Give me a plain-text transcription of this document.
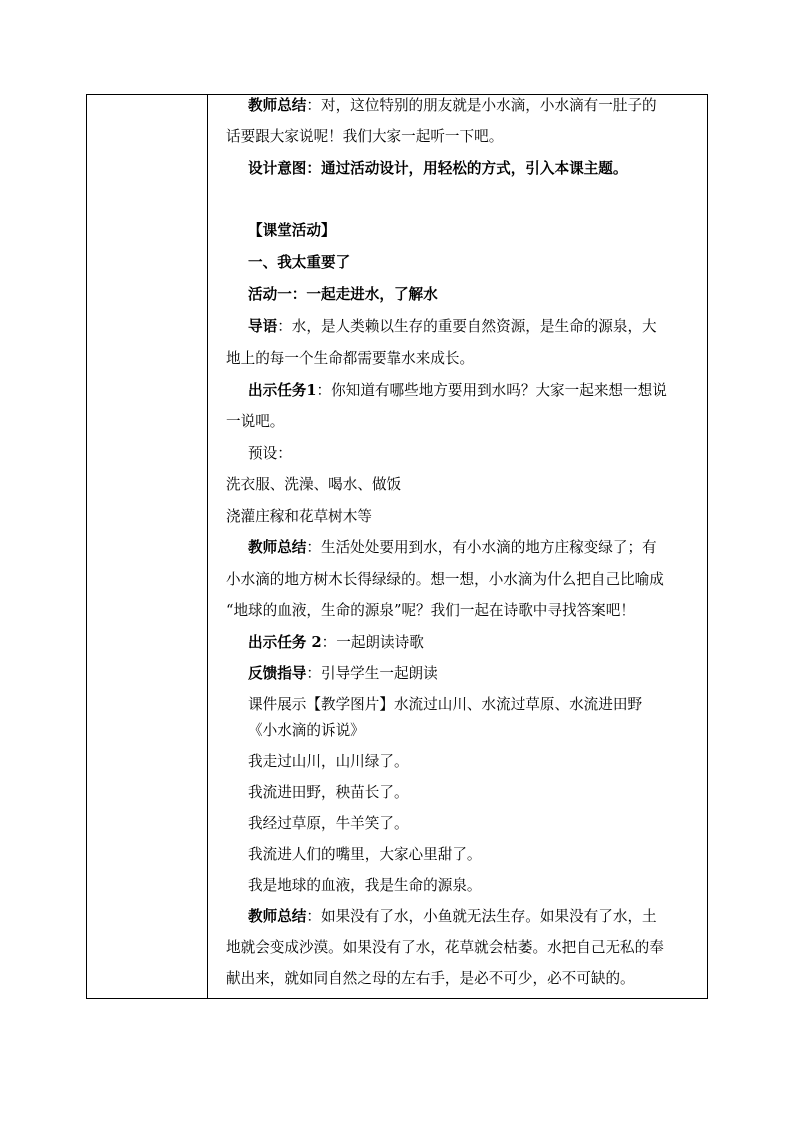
教师总结：对，这位特别的朋友就是小水滴，小水滴有一肚子的
话要跟大家说呢！我们大家一起听一下吧。
设计意图：通过活动设计，用轻松的方式，引入本课主题。
【课堂活动】
一、我太重要了
活动一：一起走进水，了解水
导语：水，是人类赖以生存的重要自然资源，是生命的源泉，大
地上的每一个生命都需要靠水来成长。
出示任务1：你知道有哪些地方要用到水吗？大家一起来想一想说
一说吧。
预设：
洗衣服、洗澡、喝水、做饭
浇灌庄稼和花草树木等
教师总结：生活处处要用到水，有小水滴的地方庄稼变绿了；有
小水滴的地方树木长得绿绿的。想一想，小水滴为什么把自己比喻成
“地球的血液，生命的源泉”呢？我们一起在诗歌中寻找答案吧！
出示任务 2：一起朗读诗歌
反馈指导：引导学生一起朗读
课件展示【教学图片】水流过山川、水流过草原、水流进田野
《小水滴的诉说》
我走过山川，山川绿了。
我流进田野，秧苗长了。
我经过草原，牛羊笑了。
我流进人们的嘴里，大家心里甜了。
我是地球的血液，我是生命的源泉。
教师总结：如果没有了水，小鱼就无法生存。如果没有了水，土
地就会变成沙漠。如果没有了水，花草就会枯萎。水把自己无私的奉
献出来，就如同自然之母的左右手，是必不可少，必不可缺的。
